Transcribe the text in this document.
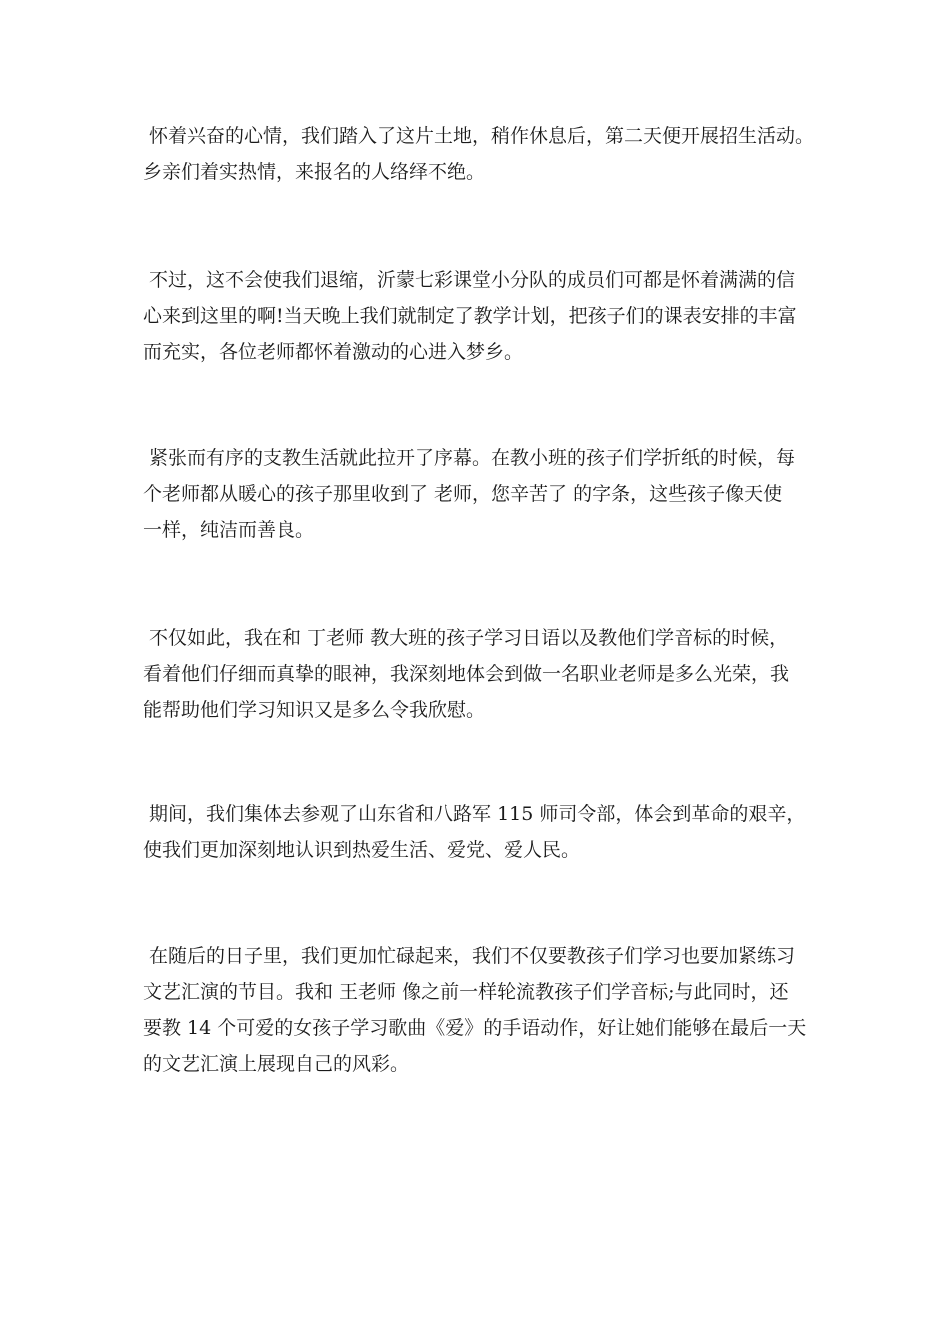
怀着兴奋的心情，我们踏入了这片土地，稍作休息后，第二天便开展招生活动。
乡亲们着实热情，来报名的人络绎不绝。
不过，这不会使我们退缩，沂蒙七彩课堂小分队的成员们可都是怀着满满的信
心来到这里的啊!当天晚上我们就制定了教学计划，把孩子们的课表安排的丰富
而充实，各位老师都怀着激动的心进入梦乡。
紧张而有序的支教生活就此拉开了序幕。在教小班的孩子们学折纸的时候，每
个老师都从暖心的孩子那里收到了 老师，您辛苦了 的字条，这些孩子像天使
一样，纯洁而善良。
不仅如此，我在和 丁老师 教大班的孩子学习日语以及教他们学音标的时候，
看着他们仔细而真挚的眼神，我深刻地体会到做一名职业老师是多么光荣，我
能帮助他们学习知识又是多么令我欣慰。
期间，我们集体去参观了山东省和八路军 115 师司令部，体会到革命的艰辛，
使我们更加深刻地认识到热爱生活、爱党、爱人民。
在随后的日子里，我们更加忙碌起来，我们不仅要教孩子们学习也要加紧练习
文艺汇演的节目。我和 王老师 像之前一样轮流教孩子们学音标;与此同时，还
要教 14 个可爱的女孩子学习歌曲《爱》的手语动作，好让她们能够在最后一天
的文艺汇演上展现自己的风彩。
